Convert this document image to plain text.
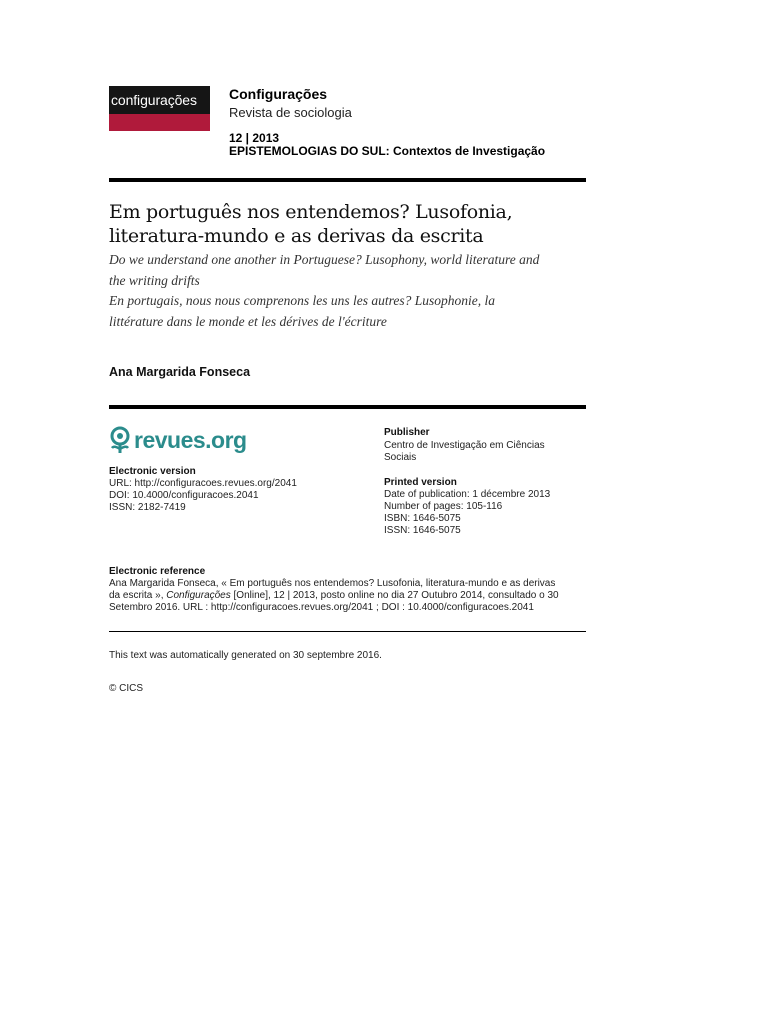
configurações	Configurações
Revista de sociologia
12 | 2013
EPISTEMOLOGIAS DO SUL: Contextos de Investigação
Em português nos entendemos? Lusofonia,
literatura-mundo e as derivas da escrita
Do we understand one another in Portuguese? Lusophony, world literature and
the writing drifts
En portugais, nous nous comprenons les uns les autres? Lusophonie, la
littérature dans le monde et les dérives de l'écriture
Ana Margarida Fonseca
revues.org
Electronic version
URL: http://configuracoes.revues.org/2041
DOI: 10.4000/configuracoes.2041
ISSN: 2182-7419
Publisher
Centro de Investigação em Ciências
Sociais
Printed version
Date of publication: 1 décembre 2013
Number of pages: 105-116
ISBN: 1646-5075
ISSN: 1646-5075
Electronic reference
Ana Margarida Fonseca, « Em português nos entendemos? Lusofonia, literatura-mundo e as derivas
da escrita », Configurações [Online], 12 | 2013, posto online no dia 27 Outubro 2014, consultado o 30
Setembro 2016. URL : http://configuracoes.revues.org/2041 ; DOI : 10.4000/configuracoes.2041
This text was automatically generated on 30 septembre 2016.
© CICS
